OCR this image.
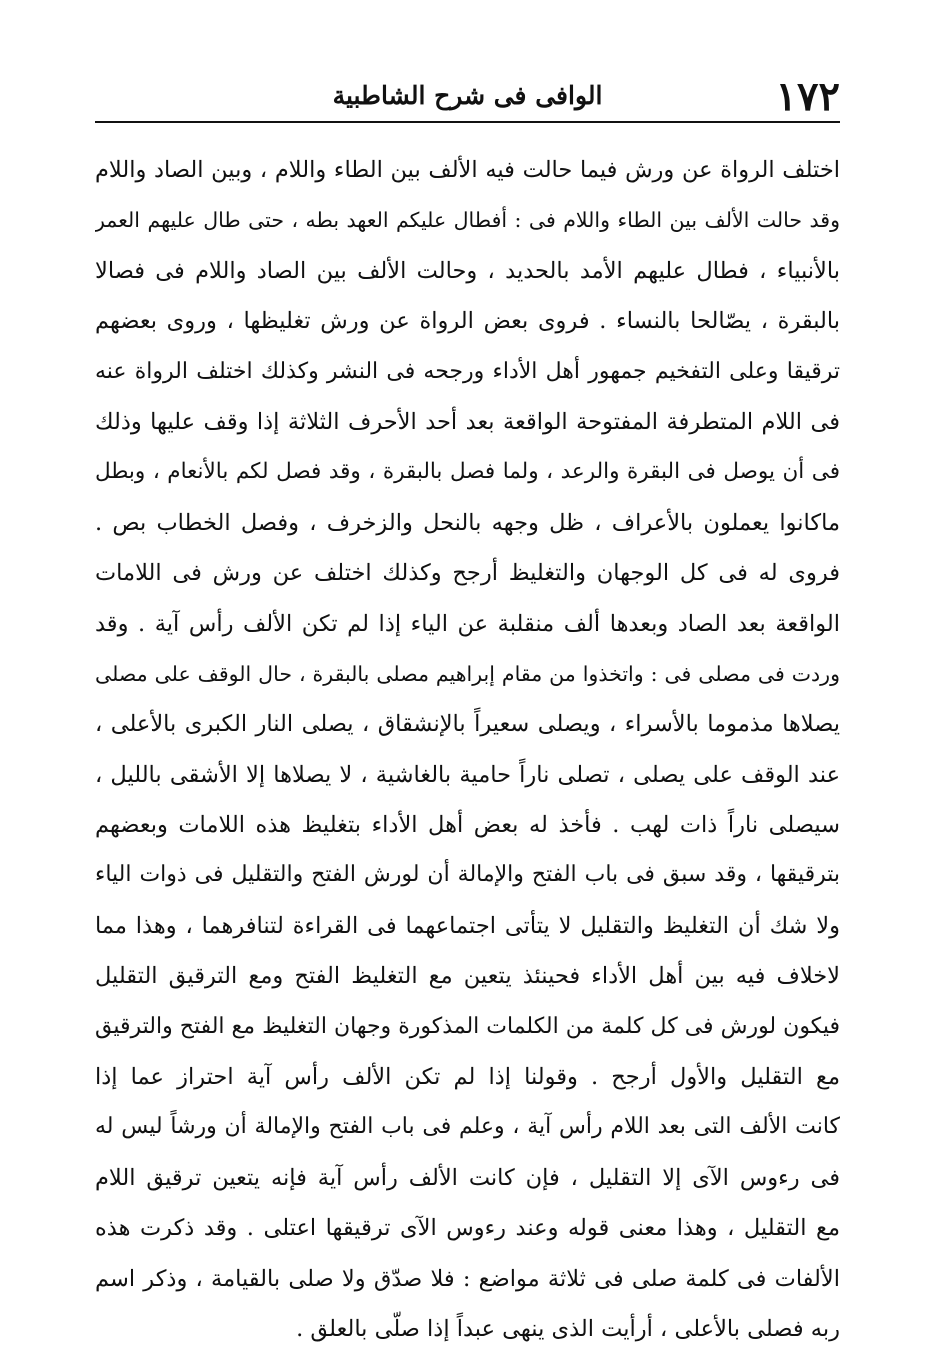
١٧٢
الوافى فى شرح الشاطبية
اختلف الرواة عن ورش فيما حالت فيه الألف بين الطاء واللام ، وبين الصاد واللام
وقد حالت الألف بين الطاء واللام فى : أفطال عليكم العهد بطه ، حتى طال عليهم العمر
بالأنبياء ، فطال عليهم الأمد بالحديد ، وحالت الألف بين الصاد واللام فى فصالا
بالبقرة ، يصّالحا بالنساء . فروى بعض الرواة عن ورش تغليظها ، وروى بعضهم
ترقيقا وعلى التفخيم جمهور أهل الأداء ورجحه فى النشر وكذلك اختلف الرواة عنه
فى اللام المتطرفة المفتوحة الواقعة بعد أحد الأحرف الثلاثة إذا وقف عليها وذلك
فى أن يوصل فى البقرة والرعد ، ولما فصل بالبقرة ، وقد فصل لكم بالأنعام ، وبطل
ماكانوا يعملون بالأعراف ، ظل وجهه بالنحل والزخرف ، وفصل الخطاب بص .
فروى له فى كل الوجهان والتغليظ أرجح وكذلك اختلف عن ورش فى اللامات
الواقعة بعد الصاد وبعدها ألف منقلبة عن الياء إذا لم تكن الألف رأس آية . وقد
وردت فى مصلى فى : واتخذوا من مقام إبراهيم مصلى بالبقرة ، حال الوقف على مصلى
يصلاها مذموما بالأسراء ، ويصلى سعيراً بالإنشقاق ، يصلى النار الكبرى بالأعلى ،
عند الوقف على يصلى ، تصلى ناراً حامية بالغاشية ، لا يصلاها إلا الأشقى بالليل ،
سيصلى ناراً ذات لهب . فأخذ له بعض أهل الأداء بتغليظ هذه اللامات وبعضهم
بترقيقها ، وقد سبق فى باب الفتح والإمالة أن لورش الفتح والتقليل فى ذوات الياء
ولا شك أن التغليظ والتقليل لا يتأتى اجتماعهما فى القراءة لتنافرهما ، وهذا مما
لاخلاف فيه بين أهل الأداء فحينئذ يتعين مع التغليظ الفتح ومع الترقيق التقليل
فيكون لورش فى كل كلمة من الكلمات المذكورة وجهان التغليظ مع الفتح والترقيق
مع التقليل والأول أرجح . وقولنا إذا لم تكن الألف رأس آية احتراز عما إذا
كانت الألف التى بعد اللام رأس آية ، وعلم فى باب الفتح والإمالة أن ورشاً ليس له
فى رءوس الآى إلا التقليل ، فإن كانت الألف رأس آية فإنه يتعين ترقيق اللام
مع التقليل ، وهذا معنى قوله وعند رءوس الآى ترقيقها اعتلى . وقد ذكرت هذه
الألفات فى كلمة صلى فى ثلاثة مواضع : فلا صدّق ولا صلى بالقيامة ، وذكر اسم
ربه فصلى بالأعلى ، أرأيت الذى ينهى عبداً إذا صلّى بالعلق .
